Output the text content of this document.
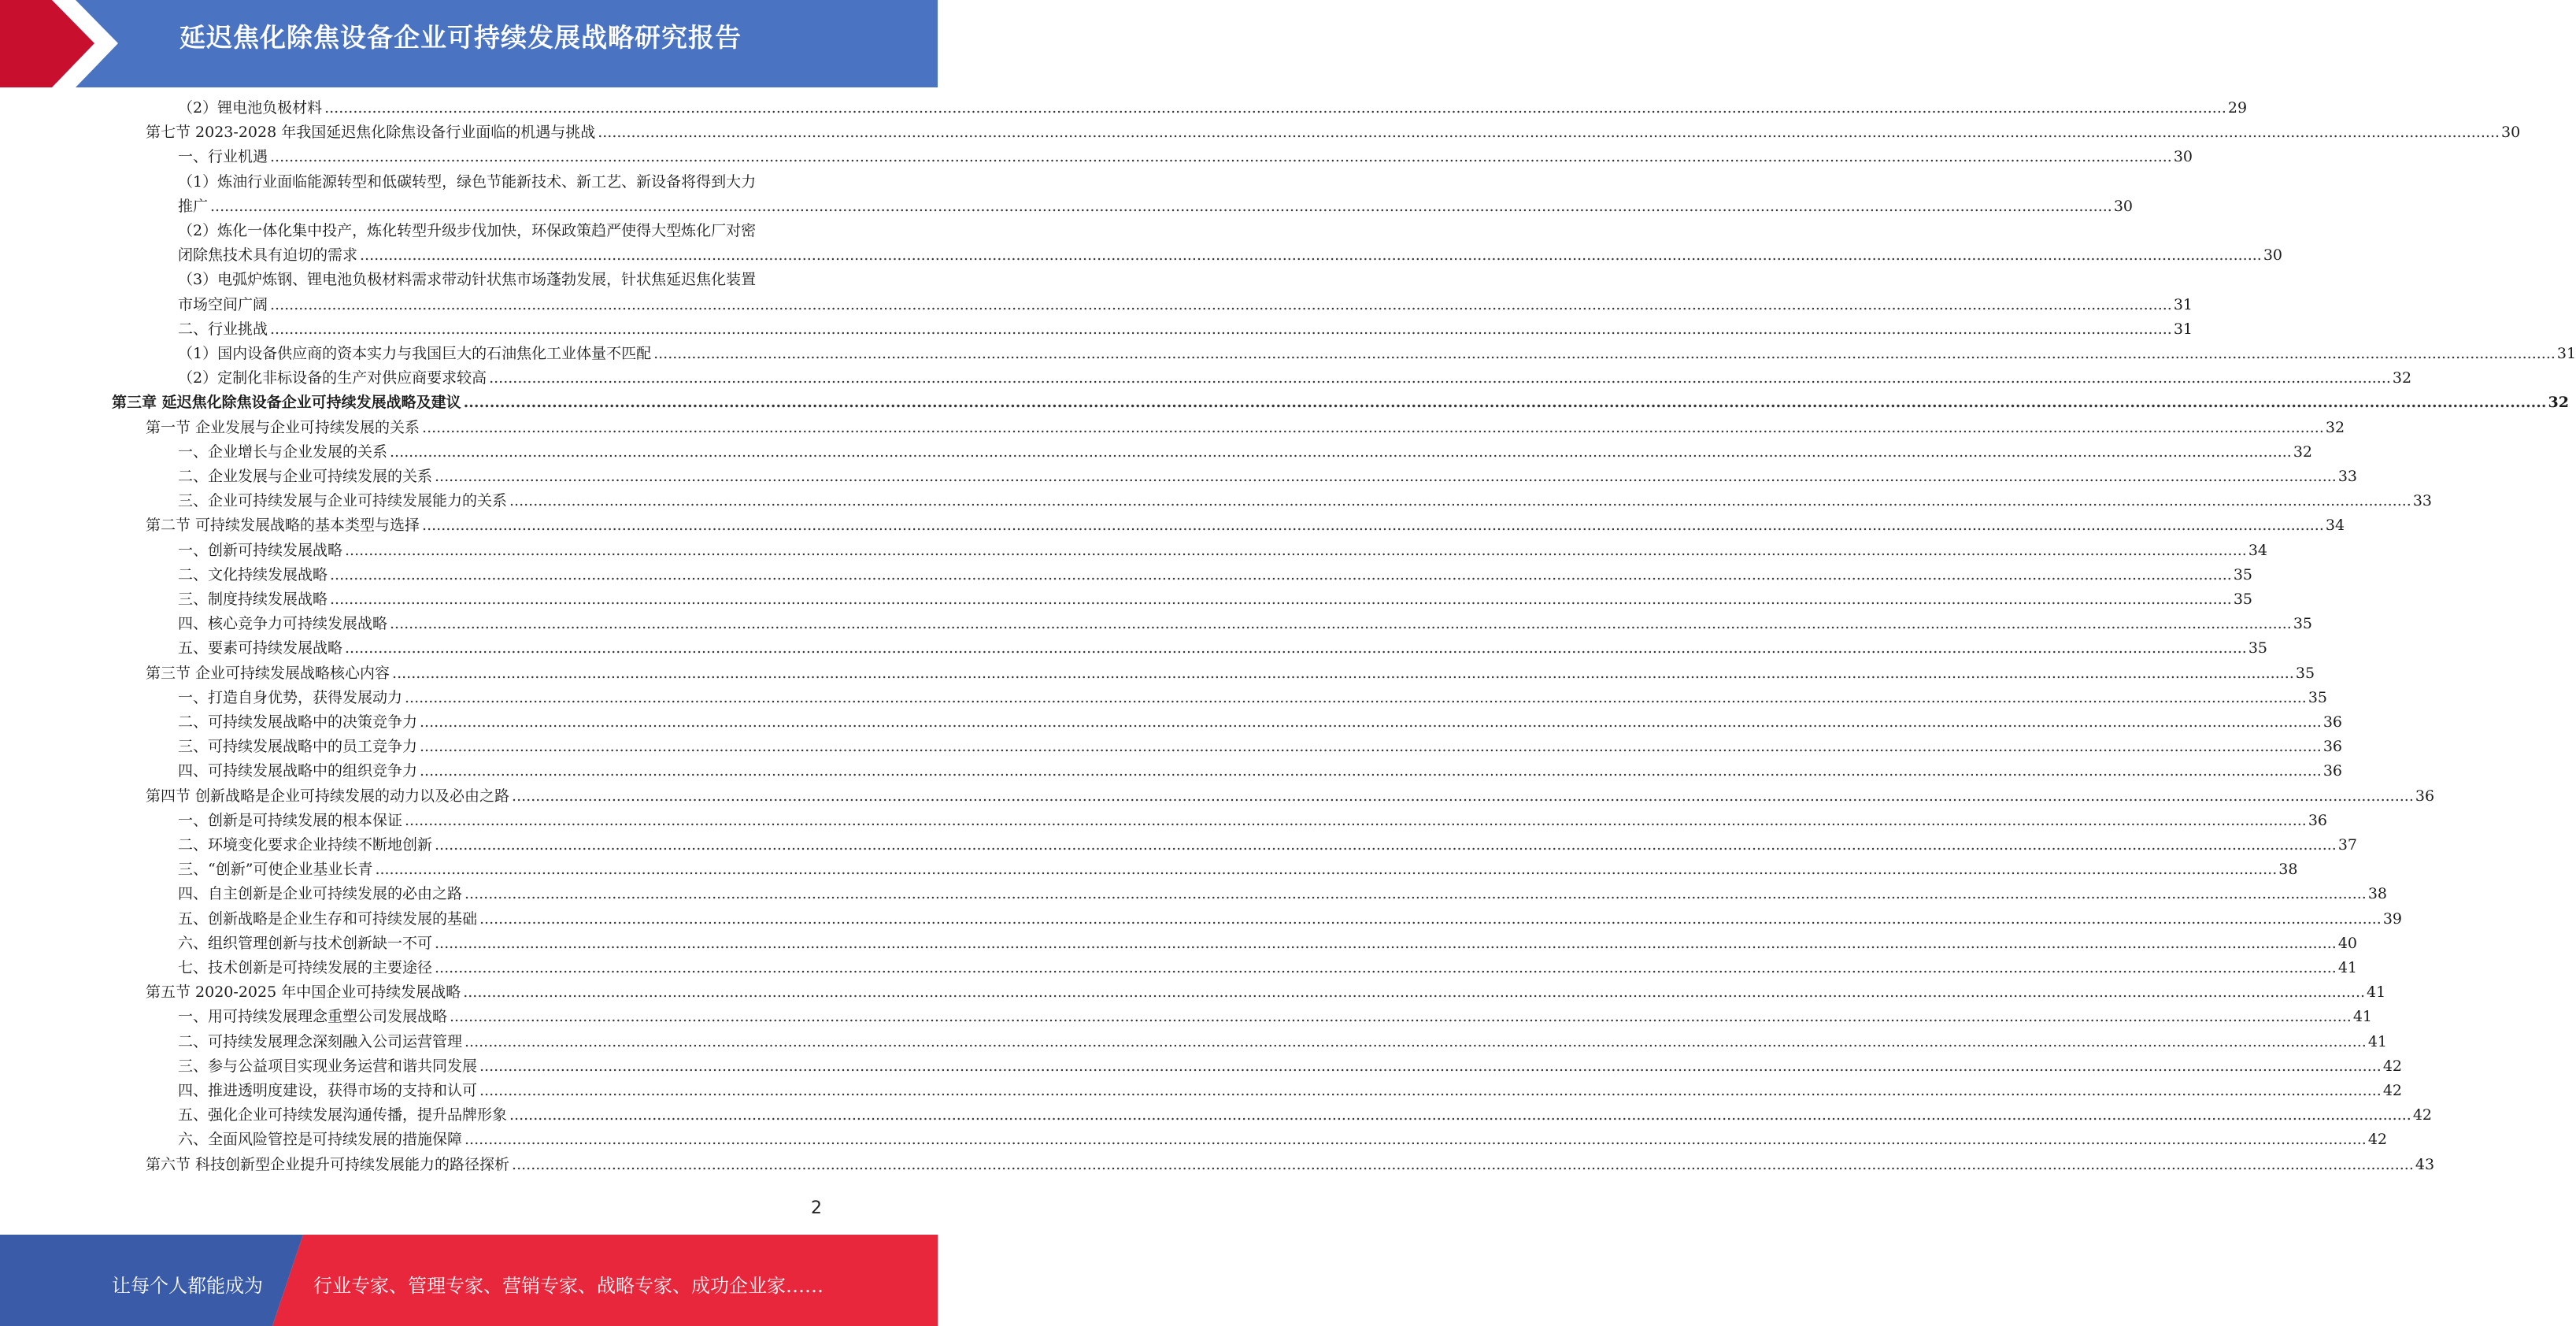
延迟焦化除焦设备企业可持续发展战略研究报告
（2）锂电池负极材料 ................................................................................................................................................................................................................................................................................................................................................................................................................ 29
第七节 2023-2028 年我国延迟焦化除焦设备行业面临的机遇与挑战 ................................................................................................................................................................................................................................................................................................................................................................................................................ 30
一、行业机遇 ................................................................................................................................................................................................................................................................................................................................................................................................................ 30
（1）炼油行业面临能源转型和低碳转型，绿色节能新技术、新工艺、新设备将得到大力
推广 ................................................................................................................................................................................................................................................................................................................................................................................................................ 30
（2）炼化一体化集中投产，炼化转型升级步伐加快，环保政策趋严使得大型炼化厂对密
闭除焦技术具有迫切的需求 ................................................................................................................................................................................................................................................................................................................................................................................................................ 30
（3）电弧炉炼钢、锂电池负极材料需求带动针状焦市场蓬勃发展，针状焦延迟焦化装置
市场空间广阔 ................................................................................................................................................................................................................................................................................................................................................................................................................ 31
二、行业挑战 ................................................................................................................................................................................................................................................................................................................................................................................................................ 31
（1）国内设备供应商的资本实力与我国巨大的石油焦化工业体量不匹配 ................................................................................................................................................................................................................................................................................................................................................................................................................ 31
（2）定制化非标设备的生产对供应商要求较高 ................................................................................................................................................................................................................................................................................................................................................................................................................ 32
第三章 延迟焦化除焦设备企业可持续发展战略及建议 ................................................................................................................................................................................................................................................................................................................................................................................................................ 32
第一节 企业发展与企业可持续发展的关系 ................................................................................................................................................................................................................................................................................................................................................................................................................ 32
一、企业增长与企业发展的关系 ................................................................................................................................................................................................................................................................................................................................................................................................................ 32
二、企业发展与企业可持续发展的关系 ................................................................................................................................................................................................................................................................................................................................................................................................................ 33
三、企业可持续发展与企业可持续发展能力的关系 ................................................................................................................................................................................................................................................................................................................................................................................................................ 33
第二节 可持续发展战略的基本类型与选择 ................................................................................................................................................................................................................................................................................................................................................................................................................ 34
一、创新可持续发展战略 ................................................................................................................................................................................................................................................................................................................................................................................................................ 34
二、文化持续发展战略 ................................................................................................................................................................................................................................................................................................................................................................................................................ 35
三、制度持续发展战略 ................................................................................................................................................................................................................................................................................................................................................................................................................ 35
四、核心竞争力可持续发展战略 ................................................................................................................................................................................................................................................................................................................................................................................................................ 35
五、要素可持续发展战略 ................................................................................................................................................................................................................................................................................................................................................................................................................ 35
第三节 企业可持续发展战略核心内容 ................................................................................................................................................................................................................................................................................................................................................................................................................ 35
一、打造自身优势，获得发展动力 ................................................................................................................................................................................................................................................................................................................................................................................................................ 35
二、可持续发展战略中的决策竞争力 ................................................................................................................................................................................................................................................................................................................................................................................................................ 36
三、可持续发展战略中的员工竞争力 ................................................................................................................................................................................................................................................................................................................................................................................................................ 36
四、可持续发展战略中的组织竞争力 ................................................................................................................................................................................................................................................................................................................................................................................................................ 36
第四节 创新战略是企业可持续发展的动力以及必由之路 ................................................................................................................................................................................................................................................................................................................................................................................................................ 36
一、创新是可持续发展的根本保证 ................................................................................................................................................................................................................................................................................................................................................................................................................ 36
二、环境变化要求企业持续不断地创新 ................................................................................................................................................................................................................................................................................................................................................................................................................ 37
三、“创新”可使企业基业长青 ................................................................................................................................................................................................................................................................................................................................................................................................................ 38
四、自主创新是企业可持续发展的必由之路 ................................................................................................................................................................................................................................................................................................................................................................................................................ 38
五、创新战略是企业生存和可持续发展的基础 ................................................................................................................................................................................................................................................................................................................................................................................................................ 39
六、组织管理创新与技术创新缺一不可 ................................................................................................................................................................................................................................................................................................................................................................................................................ 40
七、技术创新是可持续发展的主要途径 ................................................................................................................................................................................................................................................................................................................................................................................................................ 41
第五节 2020-2025 年中国企业可持续发展战略 ................................................................................................................................................................................................................................................................................................................................................................................................................ 41
一、用可持续发展理念重塑公司发展战略 ................................................................................................................................................................................................................................................................................................................................................................................................................ 41
二、可持续发展理念深刻融入公司运营管理 ................................................................................................................................................................................................................................................................................................................................................................................................................ 41
三、参与公益项目实现业务运营和谐共同发展 ................................................................................................................................................................................................................................................................................................................................................................................................................ 42
四、推进透明度建设，获得市场的支持和认可 ................................................................................................................................................................................................................................................................................................................................................................................................................ 42
五、强化企业可持续发展沟通传播，提升品牌形象 ................................................................................................................................................................................................................................................................................................................................................................................................................ 42
六、全面风险管控是可持续发展的措施保障 ................................................................................................................................................................................................................................................................................................................................................................................................................ 42
第六节 科技创新型企业提升可持续发展能力的路径探析 ................................................................................................................................................................................................................................................................................................................................................................................................................ 43
2
让每个人都能成为	行业专家、管理专家、营销专家、战略专家、成功企业家……
